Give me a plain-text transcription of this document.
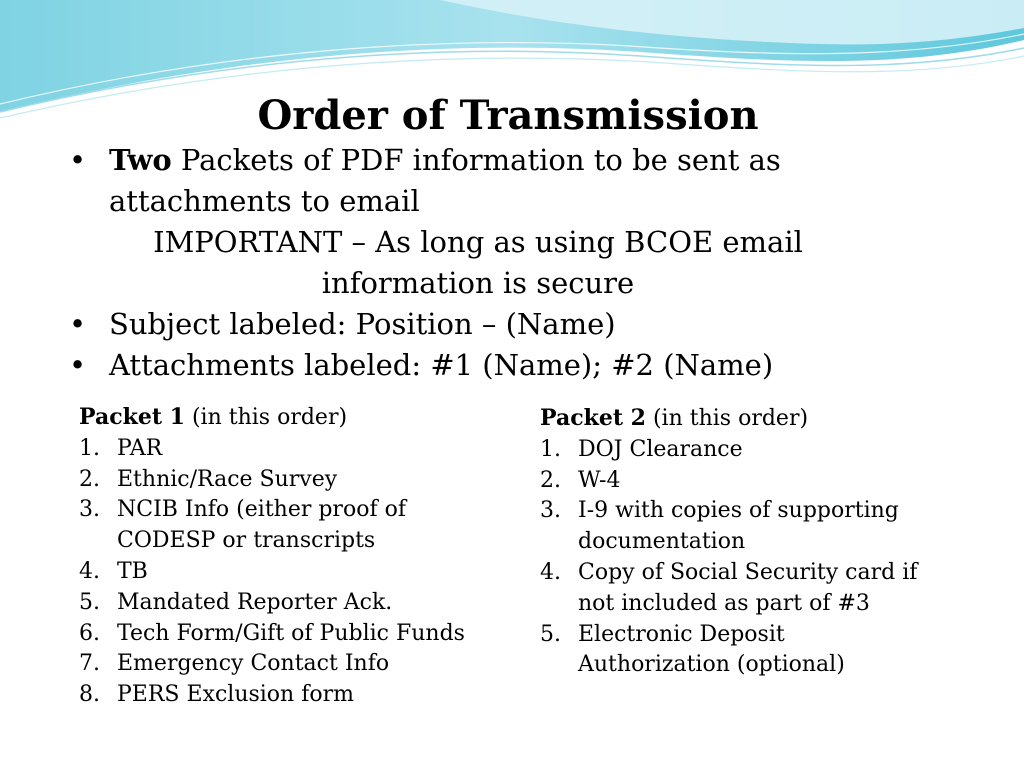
Order of Transmission
• Two Packets of PDF information to be sent as
attachments to email
IMPORTANT – As long as using BCOE email
information is secure
• Subject labeled: Position – (Name)
• Attachments labeled: #1 (Name); #2 (Name)

Packet 1 (in this order)

1. PAR
2. Ethnic/Race Survey
3. NCIB Info (either proof of
CODESP or transcripts
4. TB
5. Mandated Reporter Ack.
6. Tech Form/Gift of Public Funds
7. Emergency Contact Info
8. PERS Exclusion form

Packet 2 (in this order)

1. DOJ Clearance
2. W-4
3. I-9 with copies of supporting
documentation
4. Copy of Social Security card if
not included as part of #3
5. Electronic Deposit
Authorization (optional)
